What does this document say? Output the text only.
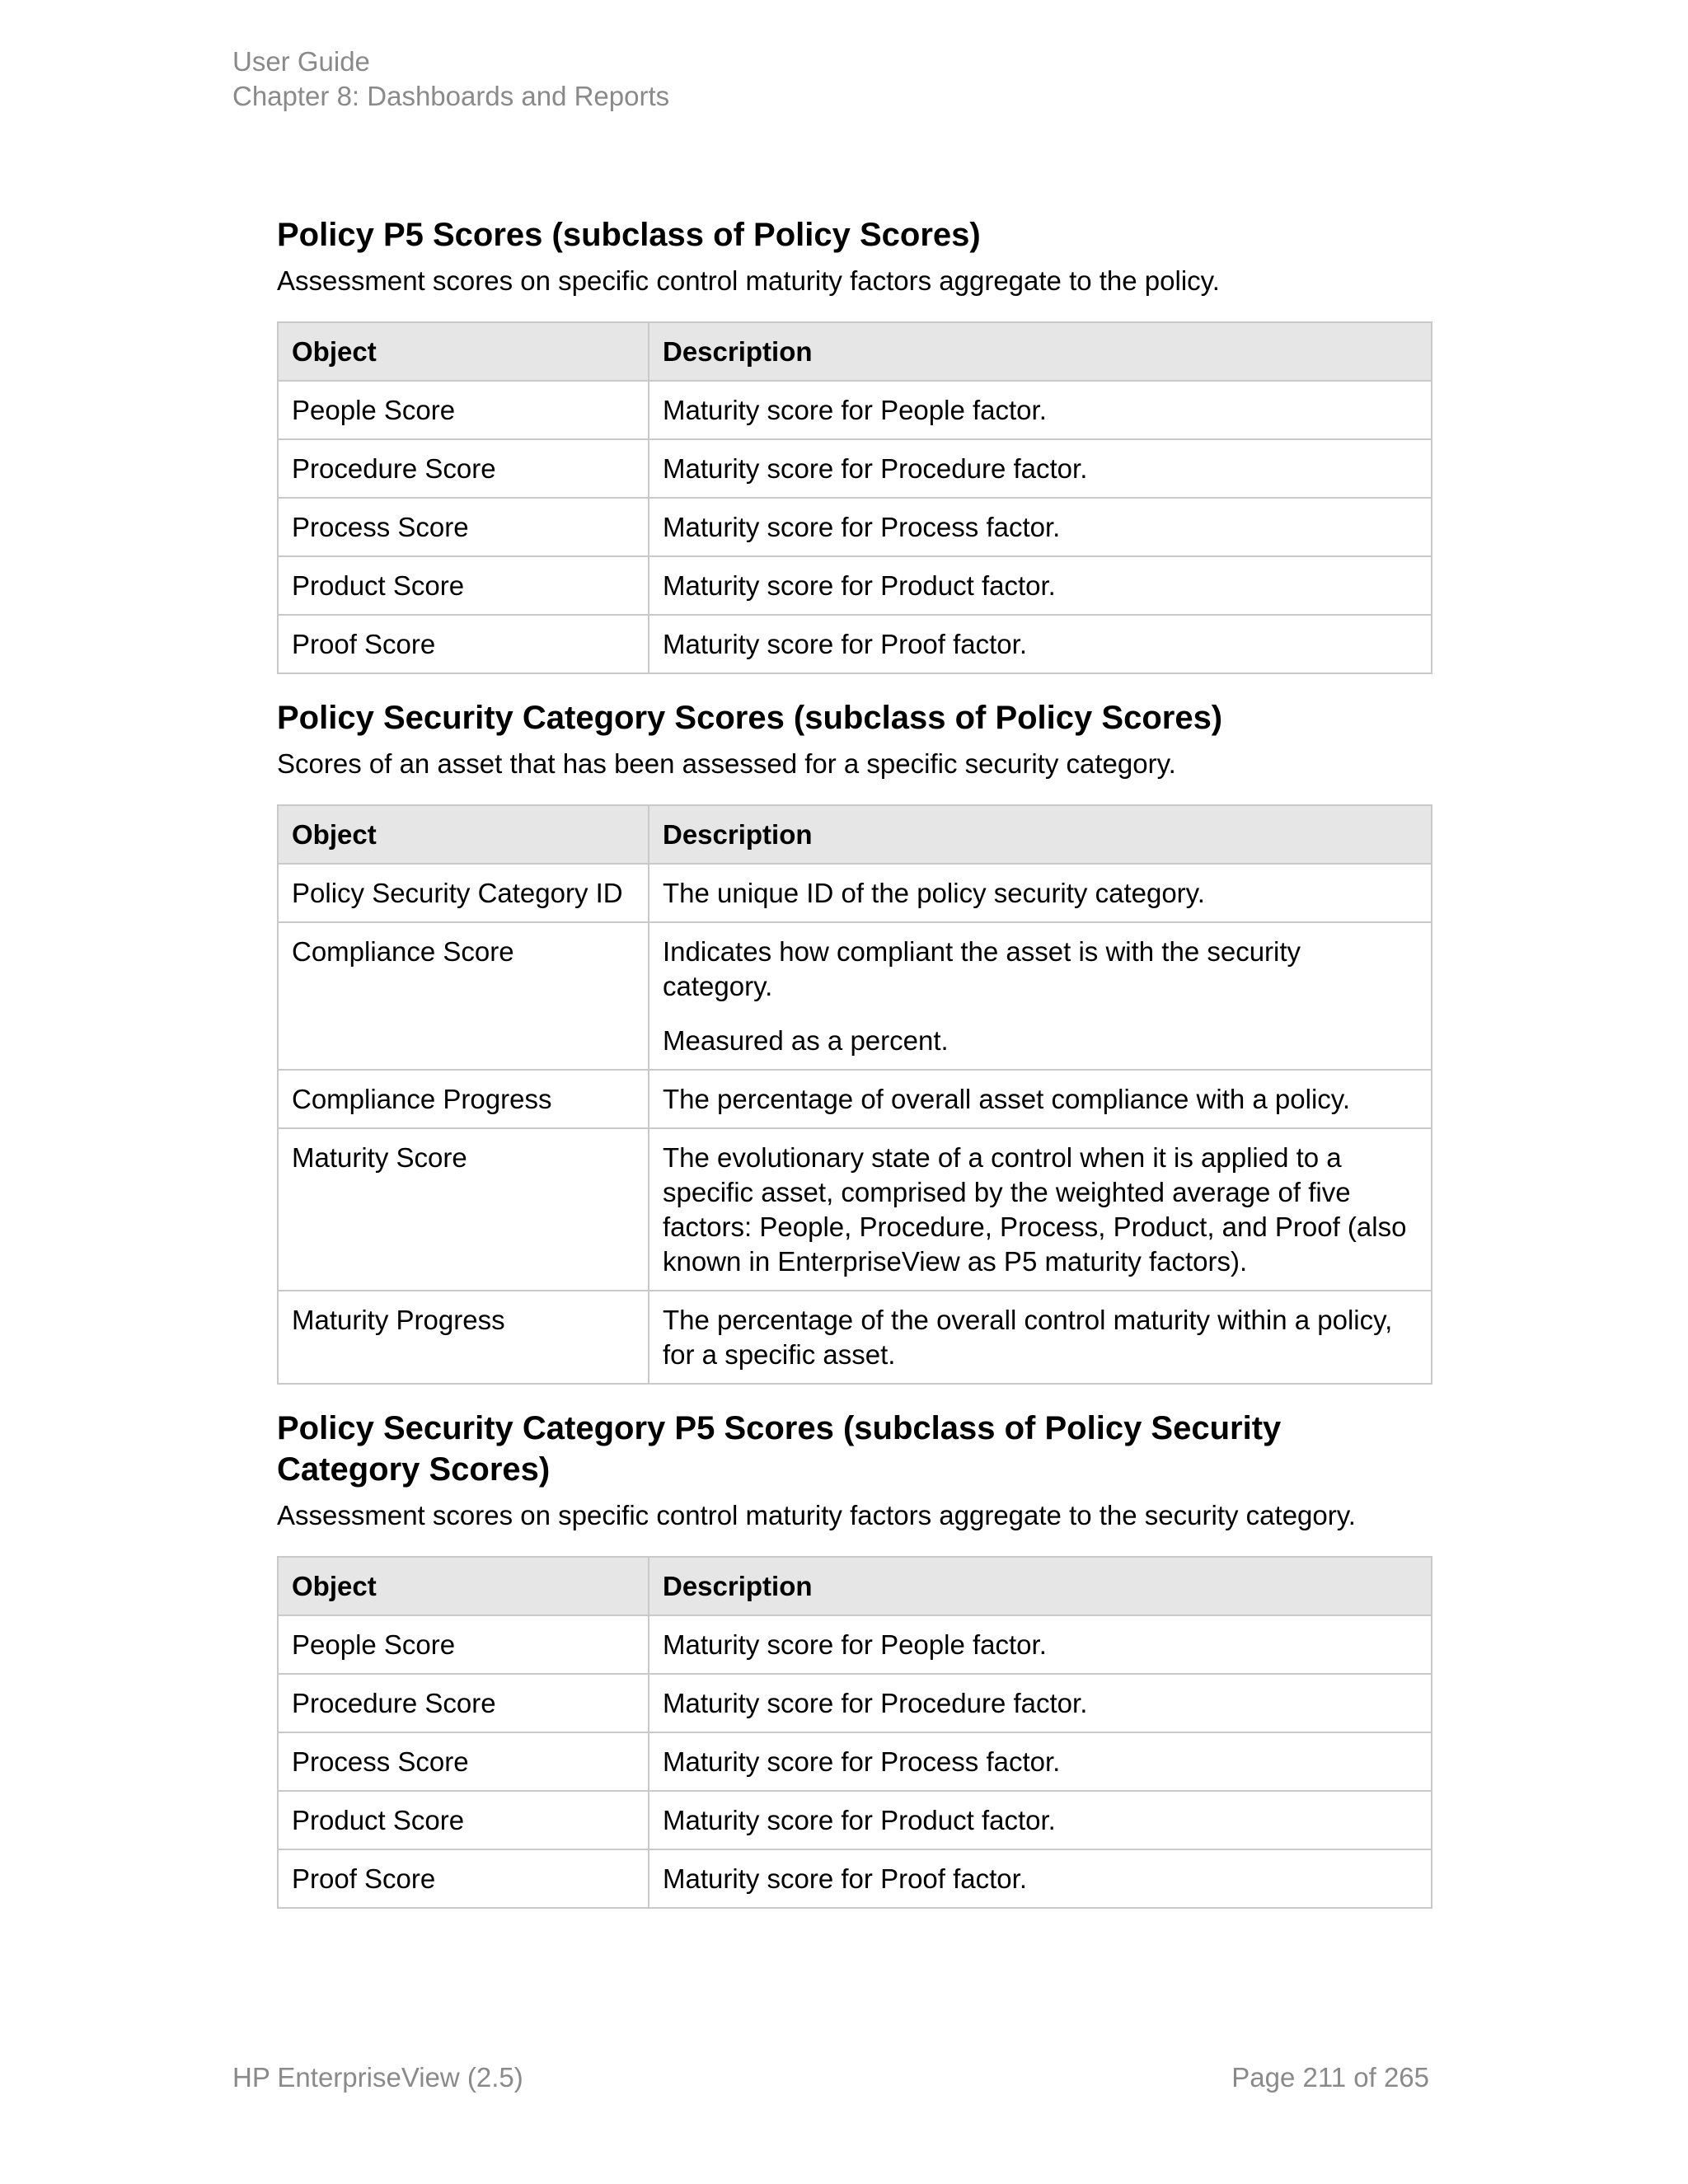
User Guide
Chapter 8: Dashboards and Reports
Policy P5 Scores (subclass of Policy Scores)

Assessment scores on specific control maturity factors aggregate to the policy.

Object	Description
People Score	Maturity score for People factor.

Procedure Score	Maturity score for Procedure factor.

Process Score	Maturity score for Process factor.

Product Score	Maturity score for Product factor.

Proof Score	Maturity score for Proof factor.

Policy Security Category Scores (subclass of Policy Scores)

Scores of an asset that has been assessed for a specific security category.

Object	Description
Policy Security Category ID	The unique ID of the policy security category.

Compliance Score	Indicates how compliant the asset is with the security category.

Measured as a percent.

Compliance Progress	The percentage of overall asset compliance with a policy.

Maturity Score	The evolutionary state of a control when it is applied to a specific asset, comprised by the weighted average of five factors: People, Procedure, Process, Product, and Proof (also known in EnterpriseView as P5 maturity factors).

Maturity Progress	The percentage of the overall control maturity within a policy, for a specific asset.

Policy Security Category P5 Scores (subclass of Policy Security Category Scores)

Assessment scores on specific control maturity factors aggregate to the security category.

Object	Description
People Score	Maturity score for People factor.

Procedure Score	Maturity score for Procedure factor.

Process Score	Maturity score for Process factor.

Product Score	Maturity score for Product factor.

Proof Score	Maturity score for Proof factor.

HP EnterpriseView (2.5)	Page 211 of 265
